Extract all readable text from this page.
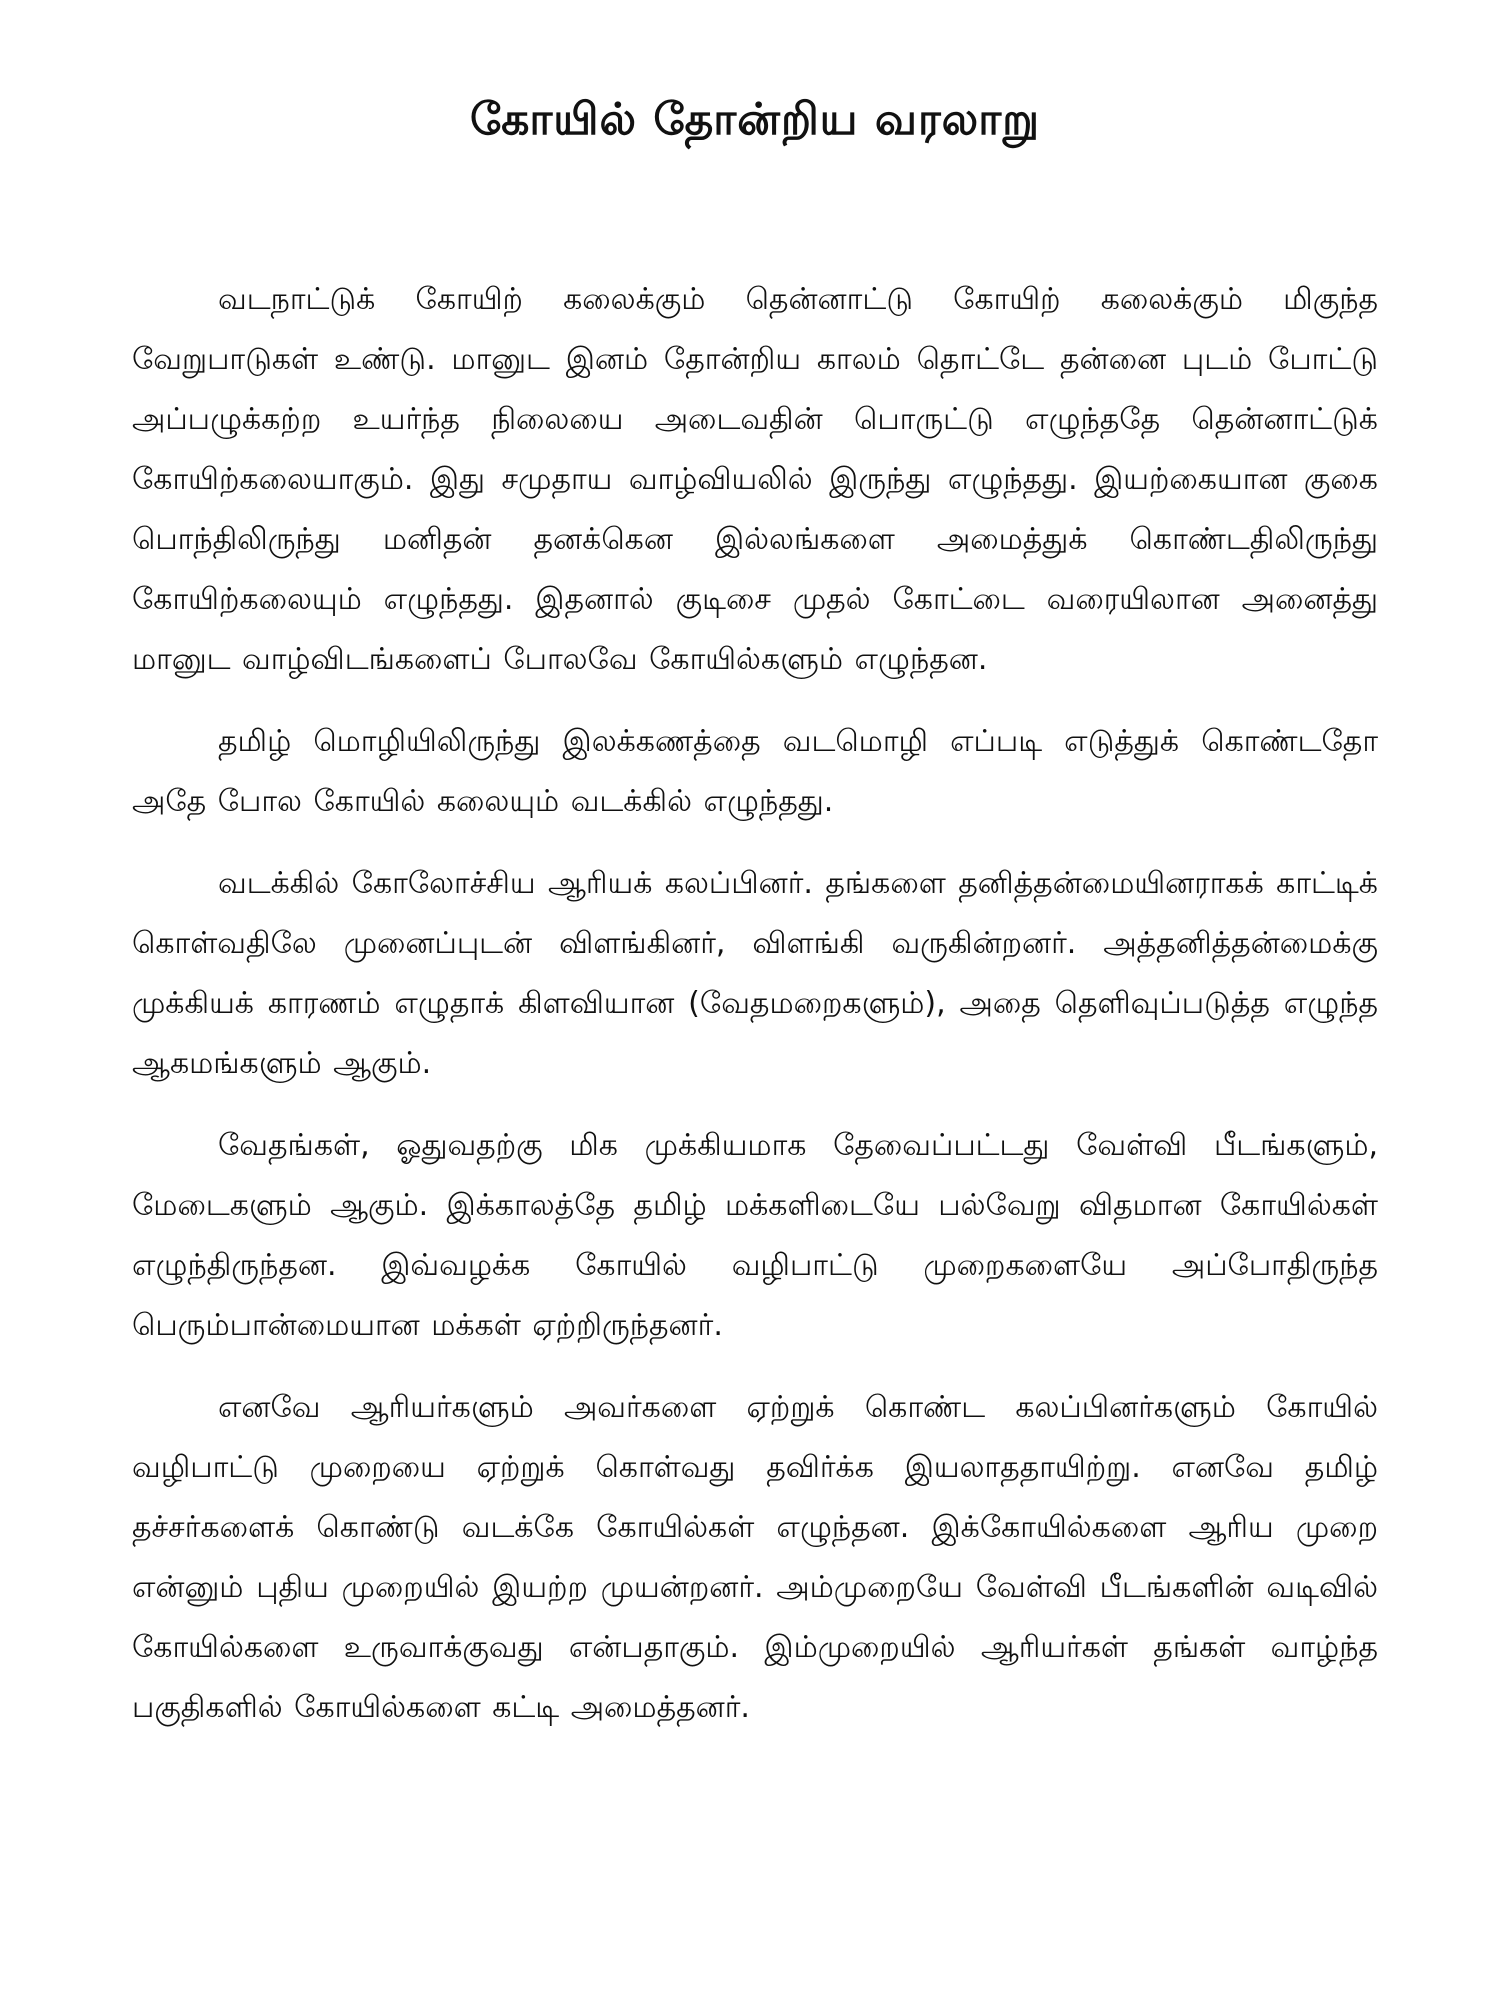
கோயில் தோன்றிய வரலாறு

வடநாட்டுக் கோயிற் கலைக்கும் தென்னாட்டு கோயிற் கலைக்கும் மிகுந்த வேறுபாடுகள் உண்டு. மானுட இனம் தோன்றிய காலம் தொட்டே தன்னை புடம் போட்டு அப்பழுக்கற்ற உயர்ந்த நிலையை அடைவதின் பொருட்டு எழுந்ததே தென்னாட்டுக் கோயிற்கலையாகும். இது சமுதாய வாழ்வியலில் இருந்து எழுந்தது. இயற்கையான குகை பொந்திலிருந்து மனிதன் தனக்கென இல்லங்களை அமைத்துக் கொண்டதிலிருந்து கோயிற்கலையும் எழுந்தது. இதனால் குடிசை முதல் கோட்டை வரையிலான அனைத்து மானுட வாழ்விடங்களைப் போலவே கோயில்களும் எழுந்தன.

தமிழ் மொழியிலிருந்து இலக்கணத்தை வடமொழி எப்படி எடுத்துக் கொண்டதோ அதே போல கோயில் கலையும் வடக்கில் எழுந்தது.

வடக்கில் கோலோச்சிய ஆரியக் கலப்பினர். தங்களை தனித்தன்மையினராகக் காட்டிக் கொள்வதிலே முனைப்புடன் விளங்கினர், விளங்கி வருகின்றனர். அத்தனித்தன்மைக்கு முக்கியக் காரணம் எழுதாக் கிளவியான (வேதமறைகளும்), அதை தெளிவுப்படுத்த எழுந்த ஆகமங்களும் ஆகும்.

வேதங்கள், ஓதுவதற்கு மிக முக்கியமாக தேவைப்பட்டது வேள்வி பீடங்களும், மேடைகளும் ஆகும். இக்காலத்தே தமிழ் மக்களிடையே பல்வேறு விதமான கோயில்கள் எழுந்திருந்தன. இவ்வழக்க கோயில் வழிபாட்டு முறைகளையே அப்போதிருந்த பெரும்பான்மையான மக்கள் ஏற்றிருந்தனர்.

எனவே ஆரியர்களும் அவர்களை ஏற்றுக் கொண்ட கலப்பினர்களும் கோயில் வழிபாட்டு முறையை ஏற்றுக் கொள்வது தவிர்க்க இயலாததாயிற்று. எனவே தமிழ் தச்சர்களைக் கொண்டு வடக்கே கோயில்கள் எழுந்தன. இக்கோயில்களை ஆரிய முறை என்னும் புதிய முறையில் இயற்ற முயன்றனர். அம்முறையே வேள்வி பீடங்களின் வடிவில் கோயில்களை உருவாக்குவது என்பதாகும். இம்முறையில் ஆரியர்கள் தங்கள் வாழ்ந்த பகுதிகளில் கோயில்களை கட்டி அமைத்தனர்.
